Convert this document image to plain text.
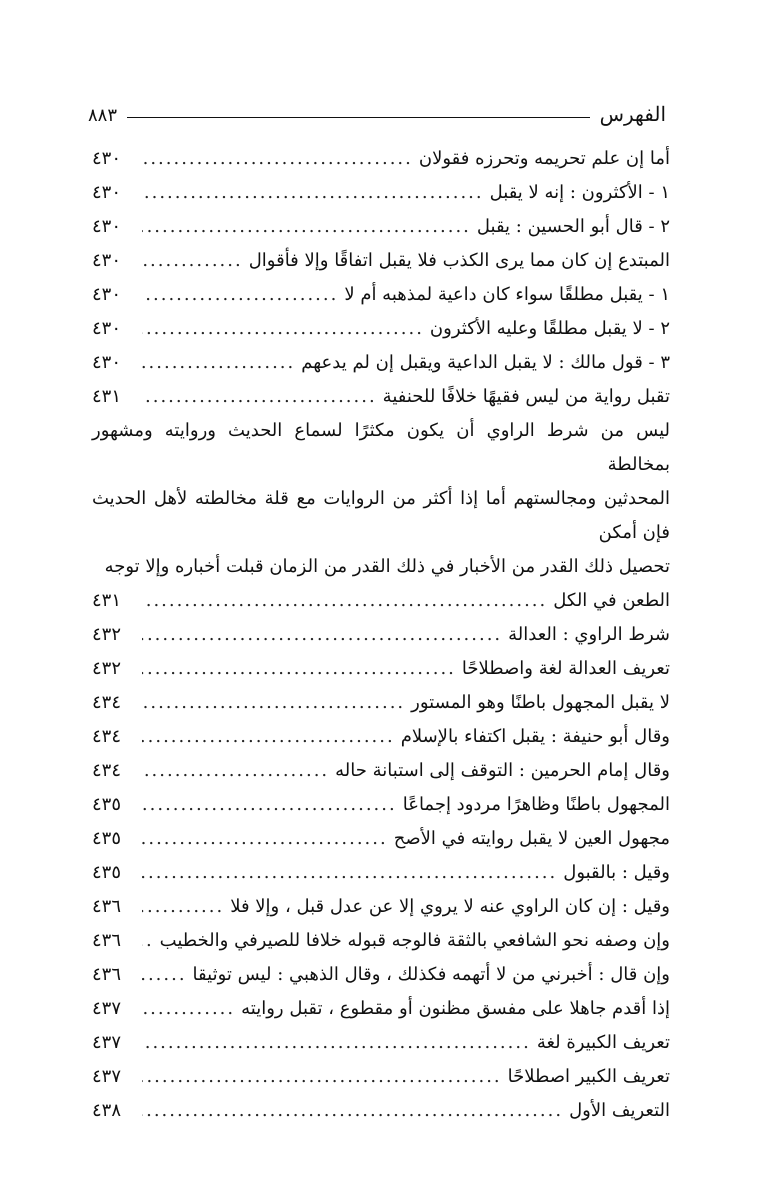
الفهرس
٨٨٣
أما إن علم تحريمه وتحرزه فقولان
.....
٤٣٠
١ - الأكثرون : إنه لا يقبل
.....
٤٣٠
٢ - قال أبو الحسين : يقبل
.....
٤٣٠
المبتدع إن كان مما يرى الكذب فلا يقبل اتفاقًا وإلا فأقوال
.....
٤٣٠
١ - يقبل مطلقًا سواء كان داعية لمذهبه أم لا
.....
٤٣٠
٢ - لا يقبل مطلقًا وعليه الأكثرون
.....
٤٣٠
٣ - قول مالك : لا يقبل الداعية ويقبل إن لم يدعهم
.....
٤٣٠
تقبل رواية من ليس فقيهًا خلافًا للحنفية
.....
٤٣١
ليس من شرط الراوي أن يكون مكثرًا لسماع الحديث وروايته ومشهور بمخالطة
المحدثين ومجالستهم أما إذا أكثر من الروايات مع قلة مخالطته لأهل الحديث فإن أمكن
تحصيل ذلك القدر من الأخبار في ذلك القدر من الزمان قبلت أخباره وإلا توجه
الطعن في الكل
.....
٤٣١
شرط الراوي : العدالة
.....
٤٣٢
تعريف العدالة لغة واصطلاحًا
.....
٤٣٢
لا يقبل المجهول باطنًا وهو المستور
.....
٤٣٤
وقال أبو حنيفة : يقبل اكتفاء بالإسلام
.....
٤٣٤
وقال إمام الحرمين : التوقف إلى استبانة حاله
.....
٤٣٤
المجهول باطنًا وظاهرًا مردود إجماعًا
.....
٤٣٥
مجهول العين لا يقبل روايته في الأصح
.....
٤٣٥
وقيل : بالقبول
.....
٤٣٥
وقيل : إن كان الراوي عنه لا يروي إلا عن عدل قبل ، وإلا فلا
.....
٤٣٦
وإن وصفه نحو الشافعي بالثقة فالوجه قبوله خلافا للصيرفي والخطيب
.....
٤٣٦
وإن قال : أخبرني من لا أتهمه فكذلك ، وقال الذهبي : ليس توثيقا
.....
٤٣٦
إذا أقدم جاهلا على مفسق مظنون أو مقطوع ، تقبل روايته
.....
٤٣٧
تعريف الكبيرة لغة
.....
٤٣٧
تعريف الكبير اصطلاحًا
.....
٤٣٧
التعريف الأول
.....
٤٣٨
